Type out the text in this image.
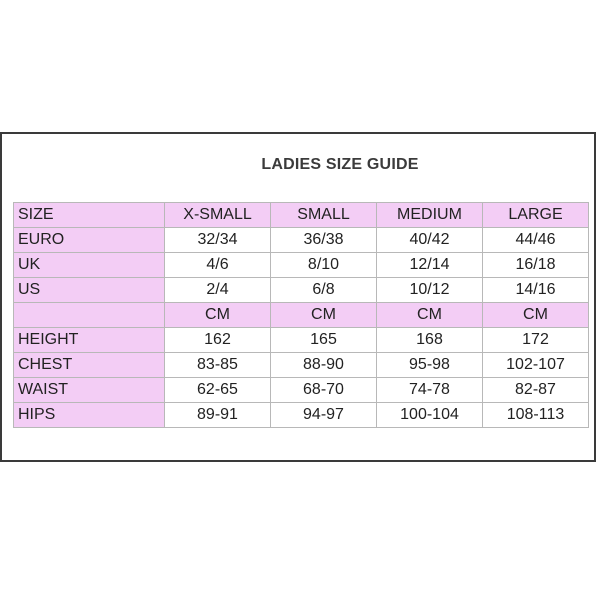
LADIES SIZE GUIDE
SIZE	X-SMALL	SMALL	MEDIUM	LARGE
EURO	32/34	36/38	40/42	44/46
UK	4/6	8/10	12/14	16/18
US	2/4	6/8	10/12	14/16
	CM	CM	CM	CM
HEIGHT	162	165	168	172
CHEST	83-85	88-90	95-98	102-107
WAIST	62-65	68-70	74-78	82-87
HIPS	89-91	94-97	100-104	108-113
